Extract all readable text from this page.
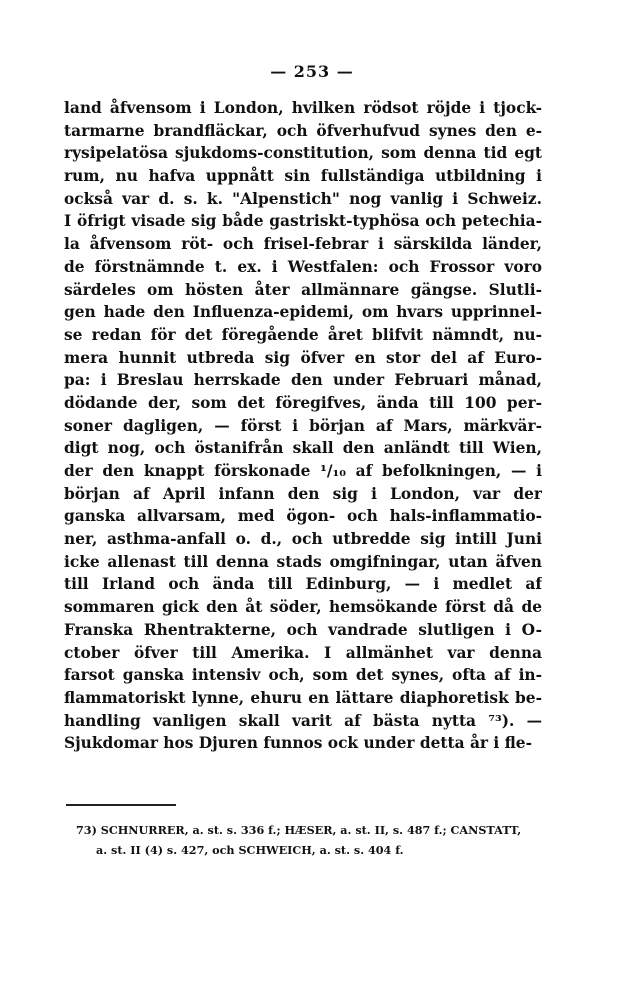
— 253 —
land åfvensom i London, hvilken rödsot röjde i tjock-
tarmarne brandfläckar, och öfverhufvud synes den e-
rysipelatösa sjukdoms-constitution, som denna tid egt
rum, nu hafva uppnått sin fullständiga utbildning i
också var d. s. k. "Alpenstich" nog vanlig i Schweiz.
I öfrigt visade sig både gastriskt-typhösa och petechia-
la åfvensom röt- och frisel-febrar i särskilda länder,
de förstnämnde t. ex. i Westfalen: och Frossor voro
särdeles om hösten åter allmännare gängse. Slutli-
gen hade den Influenza-epidemi, om hvars upprinnel-
se redan för det föregående året blifvit nämndt, nu-
mera hunnit utbreda sig öfver en stor del af Euro-
pa: i Breslau herrskade den under Februari månad,
dödande der, som det föregifves, ända till 100 per-
soner dagligen, — först i början af Mars, märkvär-
digt nog, och östanifrån skall den anländt till Wien,
der den knappt förskonade ¹/₁₀ af befolkningen, — i
början af April infann den sig i London, var der
ganska allvarsam, med ögon- och hals-inflammatio-
ner, asthma-anfall o. d., och utbredde sig intill Juni
icke allenast till denna stads omgifningar, utan äfven
till Irland och ända till Edinburg, — i medlet af
sommaren gick den åt söder, hemsökande först då de
Franska Rhentrakterne, och vandrade slutligen i O-
ctober öfver till Amerika. I allmänhet var denna
farsot ganska intensiv och, som det synes, ofta af in-
flammatoriskt lynne, ehuru en lättare diaphoretisk be-
handling vanligen skall varit af bästa nytta ⁷³). —
Sjukdomar hos Djuren funnos ock under detta år i fle-
73) SCHNURRER, a. st. s. 336 f.; HÆSER, a. st. II, s. 487 f.; CANSTATT,
a. st. II (4) s. 427, och SCHWEICH, a. st. s. 404 f.
